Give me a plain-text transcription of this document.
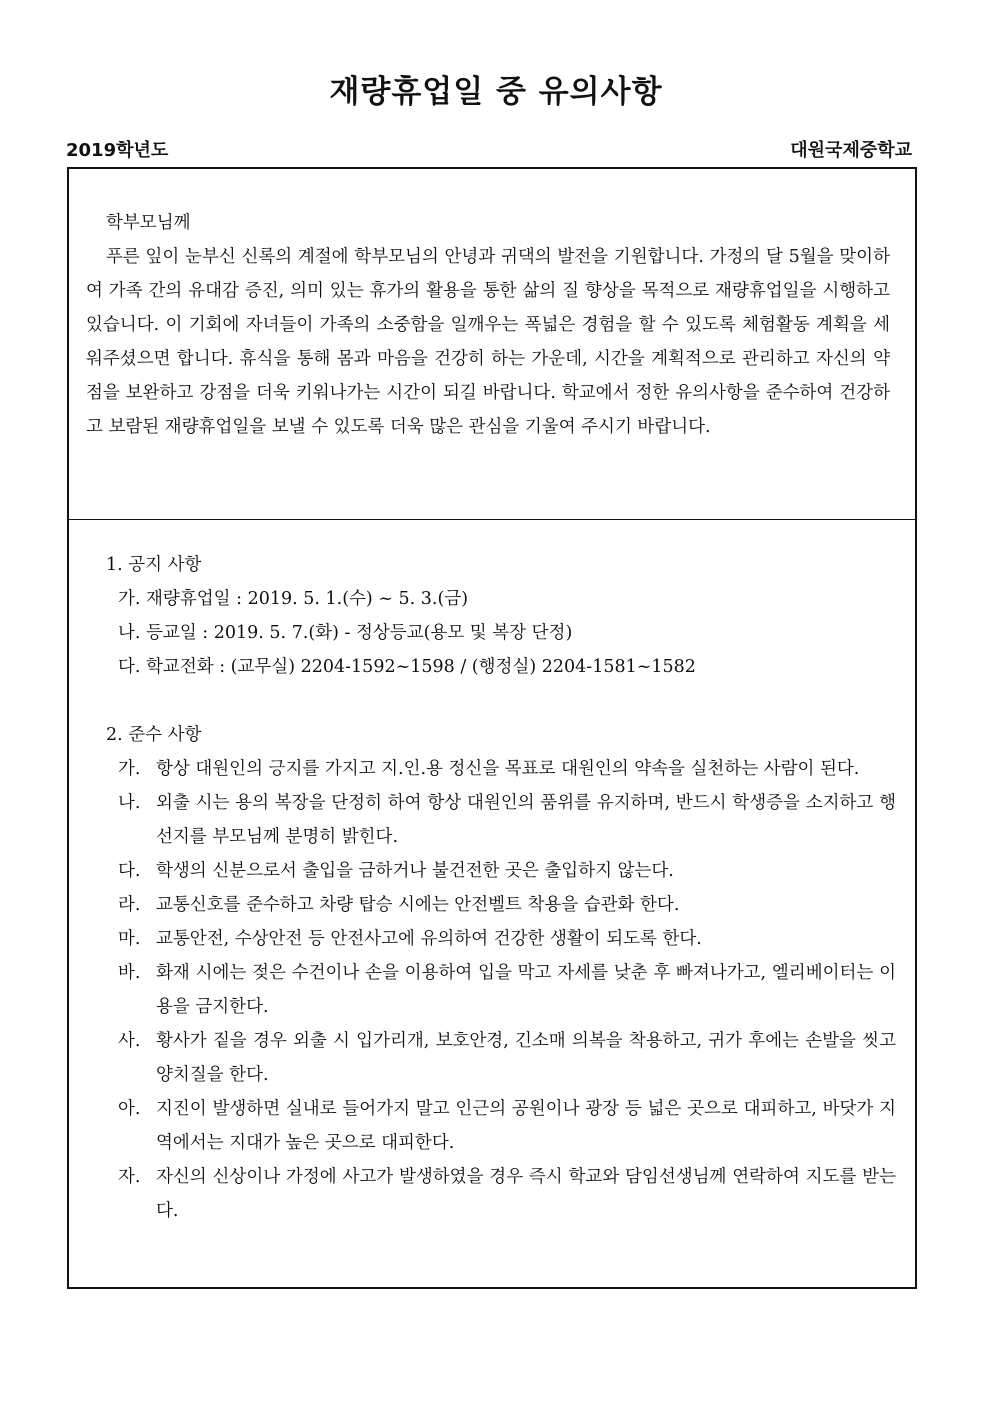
재량휴업일 중 유의사항
2019학년도	대원국제중학교
학부모님께

푸른 잎이 눈부신 신록의 계절에 학부모님의 안녕과 귀댁의 발전을 기원합니다. 가정의 달 5월을 맞이하여 가족 간의 유대감 증진, 의미 있는 휴가의 활용을 통한 삶의 질 향상을 목적으로 재량휴업일을 시행하고 있습니다. 이 기회에 자녀들이 가족의 소중함을 일깨우는 폭넓은 경험을 할 수 있도록 체험활동 계획을 세워주셨으면 합니다. 휴식을 통해 몸과 마음을 건강히 하는 가운데, 시간을 계획적으로 관리하고 자신의 약점을 보완하고 강점을 더욱 키워나가는 시간이 되길 바랍니다. 학교에서 정한 유의사항을 준수하여 건강하고 보람된 재량휴업일을 보낼 수 있도록 더욱 많은 관심을 기울여 주시기 바랍니다.

1. 공지 사항
가. 재량휴업일 : 2019. 5. 1.(수) ~ 5. 3.(금)
나. 등교일 : 2019. 5. 7.(화) - 정상등교(용모 및 복장 단정)
다. 학교전화 : (교무실) 2204-1592~1598 / (행정실) 2204-1581~1582
2. 준수 사항
가. 항상 대원인의 긍지를 가지고 지.인.용 정신을 목표로 대원인의 약속을 실천하는 사람이 된다.
나. 외출 시는 용의 복장을 단정히 하여 항상 대원인의 품위를 유지하며, 반드시 학생증을 소지하고 행선지를 부모님께 분명히 밝힌다.
다. 학생의 신분으로서 출입을 금하거나 불건전한 곳은 출입하지 않는다.
라. 교통신호를 준수하고 차량 탑승 시에는 안전벨트 착용을 습관화 한다.
마. 교통안전, 수상안전 등 안전사고에 유의하여 건강한 생활이 되도록 한다.
바. 화재 시에는 젖은 수건이나 손을 이용하여 입을 막고 자세를 낮춘 후 빠져나가고, 엘리베이터는 이용을 금지한다.
사. 황사가 짙을 경우 외출 시 입가리개, 보호안경, 긴소매 의복을 착용하고, 귀가 후에는 손발을 씻고 양치질을 한다.
아. 지진이 발생하면 실내로 들어가지 말고 인근의 공원이나 광장 등 넓은 곳으로 대피하고, 바닷가 지역에서는 지대가 높은 곳으로 대피한다.
자. 자신의 신상이나 가정에 사고가 발생하였을 경우 즉시 학교와 담임선생님께 연락하여 지도를 받는다.
